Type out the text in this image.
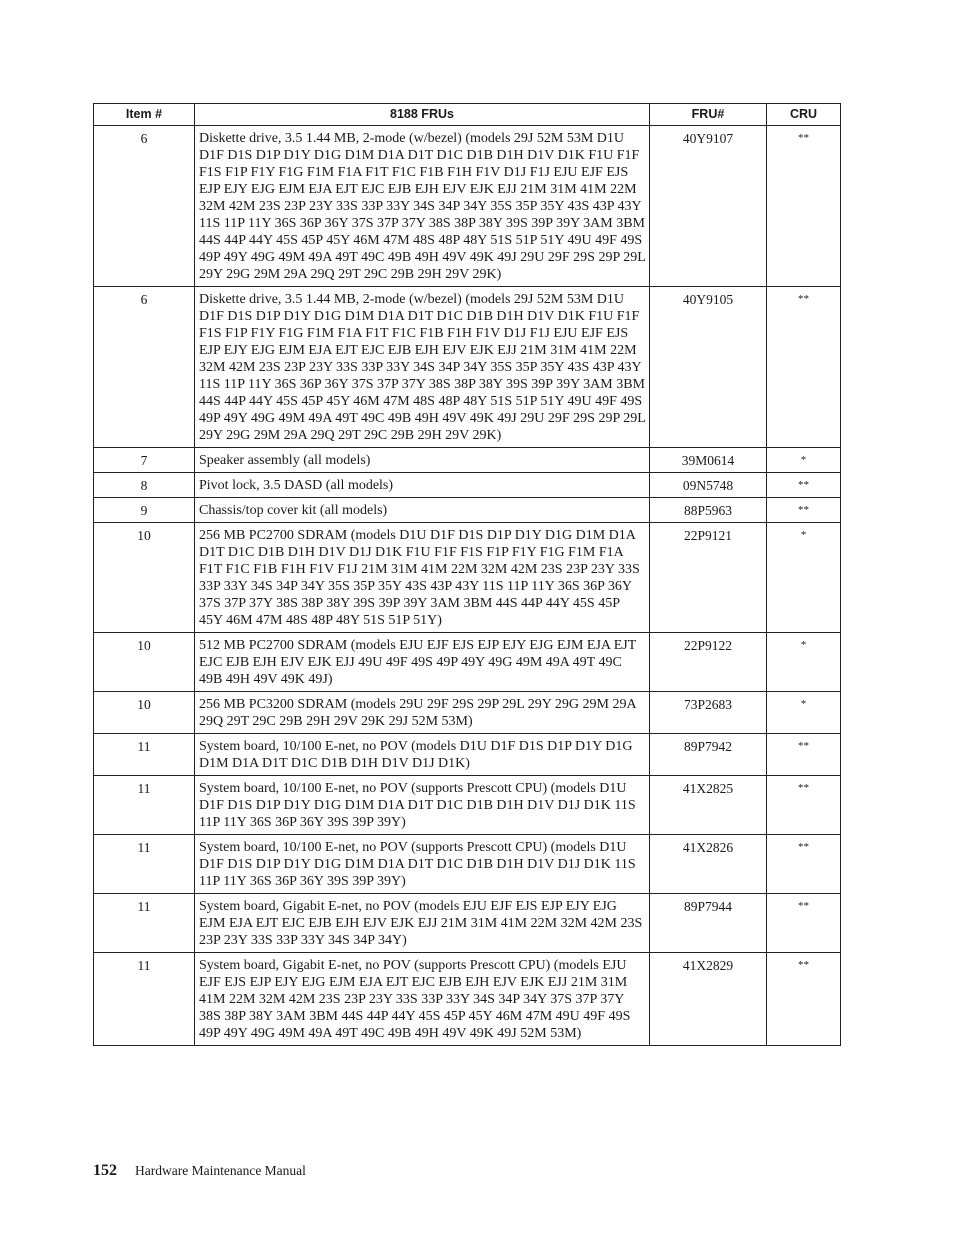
Item #	8188 FRUs	FRU#	CRU
6	Diskette drive, 3.5 1.44 MB, 2-mode (w/bezel) (models 29J 52M 53M D1U D1F D1S D1P D1Y D1G D1M D1A D1T D1C D1B D1H D1V D1K F1U F1F F1S F1P F1Y F1G F1M F1A F1T F1C F1B F1H F1V D1J F1J EJU EJF EJS EJP EJY EJG EJM EJA EJT EJC EJB EJH EJV EJK EJJ 21M 31M 41M 22M 32M 42M 23S 23P 23Y 33S 33P 33Y 34S 34P 34Y 35S 35P 35Y 43S 43P 43Y 11S 11P 11Y 36S 36P 36Y 37S 37P 37Y 38S 38P 38Y 39S 39P 39Y 3AM 3BM 44S 44P 44Y 45S 45P 45Y 46M 47M 48S 48P 48Y 51S 51P 51Y 49U 49F 49S 49P 49Y 49G 49M 49A 49T 49C 49B 49H 49V 49K 49J 29U 29F 29S 29P 29L 29Y 29G 29M 29A 29Q 29T 29C 29B 29H 29V 29K)	40Y9107	**
6	Diskette drive, 3.5 1.44 MB, 2-mode (w/bezel) (models 29J 52M 53M D1U D1F D1S D1P D1Y D1G D1M D1A D1T D1C D1B D1H D1V D1K F1U F1F F1S F1P F1Y F1G F1M F1A F1T F1C F1B F1H F1V D1J F1J EJU EJF EJS EJP EJY EJG EJM EJA EJT EJC EJB EJH EJV EJK EJJ 21M 31M 41M 22M 32M 42M 23S 23P 23Y 33S 33P 33Y 34S 34P 34Y 35S 35P 35Y 43S 43P 43Y 11S 11P 11Y 36S 36P 36Y 37S 37P 37Y 38S 38P 38Y 39S 39P 39Y 3AM 3BM 44S 44P 44Y 45S 45P 45Y 46M 47M 48S 48P 48Y 51S 51P 51Y 49U 49F 49S 49P 49Y 49G 49M 49A 49T 49C 49B 49H 49V 49K 49J 29U 29F 29S 29P 29L 29Y 29G 29M 29A 29Q 29T 29C 29B 29H 29V 29K)	40Y9105	**
7	Speaker assembly (all models)	39M0614	*
8	Pivot lock, 3.5 DASD (all models)	09N5748	**
9	Chassis/top cover kit (all models)	88P5963	**
10	256 MB PC2700 SDRAM (models D1U D1F D1S D1P D1Y D1G D1M D1A D1T D1C D1B D1H D1V D1J D1K F1U F1F F1S F1P F1Y F1G F1M F1A F1T F1C F1B F1H F1V F1J 21M 31M 41M 22M 32M 42M 23S 23P 23Y 33S 33P 33Y 34S 34P 34Y 35S 35P 35Y 43S 43P 43Y 11S 11P 11Y 36S 36P 36Y 37S 37P 37Y 38S 38P 38Y 39S 39P 39Y 3AM 3BM 44S 44P 44Y 45S 45P 45Y 46M 47M 48S 48P 48Y 51S 51P 51Y)	22P9121	*
10	512 MB PC2700 SDRAM (models EJU EJF EJS EJP EJY EJG EJM EJA EJT EJC EJB EJH EJV EJK EJJ 49U 49F 49S 49P 49Y 49G 49M 49A 49T 49C 49B 49H 49V 49K 49J)	22P9122	*
10	256 MB PC3200 SDRAM (models 29U 29F 29S 29P 29L 29Y 29G 29M 29A 29Q 29T 29C 29B 29H 29V 29K 29J 52M 53M)	73P2683	*
11	System board, 10/100 E-net, no POV (models D1U D1F D1S D1P D1Y D1G D1M D1A D1T D1C D1B D1H D1V D1J D1K)	89P7942	**
11	System board, 10/100 E-net, no POV (supports Prescott CPU) (models D1U D1F D1S D1P D1Y D1G D1M D1A D1T D1C D1B D1H D1V D1J D1K 11S 11P 11Y 36S 36P 36Y 39S 39P 39Y)	41X2825	**
11	System board, 10/100 E-net, no POV (supports Prescott CPU) (models D1U D1F D1S D1P D1Y D1G D1M D1A D1T D1C D1B D1H D1V D1J D1K 11S 11P 11Y 36S 36P 36Y 39S 39P 39Y)	41X2826	**
11	System board, Gigabit E-net, no POV (models EJU EJF EJS EJP EJY EJG EJM EJA EJT EJC EJB EJH EJV EJK EJJ 21M 31M 41M 22M 32M 42M 23S 23P 23Y 33S 33P 33Y 34S 34P 34Y)	89P7944	**
11	System board, Gigabit E-net, no POV (supports Prescott CPU) (models EJU EJF EJS EJP EJY EJG EJM EJA EJT EJC EJB EJH EJV EJK EJJ 21M 31M 41M 22M 32M 42M 23S 23P 23Y 33S 33P 33Y 34S 34P 34Y 37S 37P 37Y 38S 38P 38Y 3AM 3BM 44S 44P 44Y 45S 45P 45Y 46M 47M 49U 49F 49S 49P 49Y 49G 49M 49A 49T 49C 49B 49H 49V 49K 49J 52M 53M)	41X2829	**
152 Hardware Maintenance Manual
